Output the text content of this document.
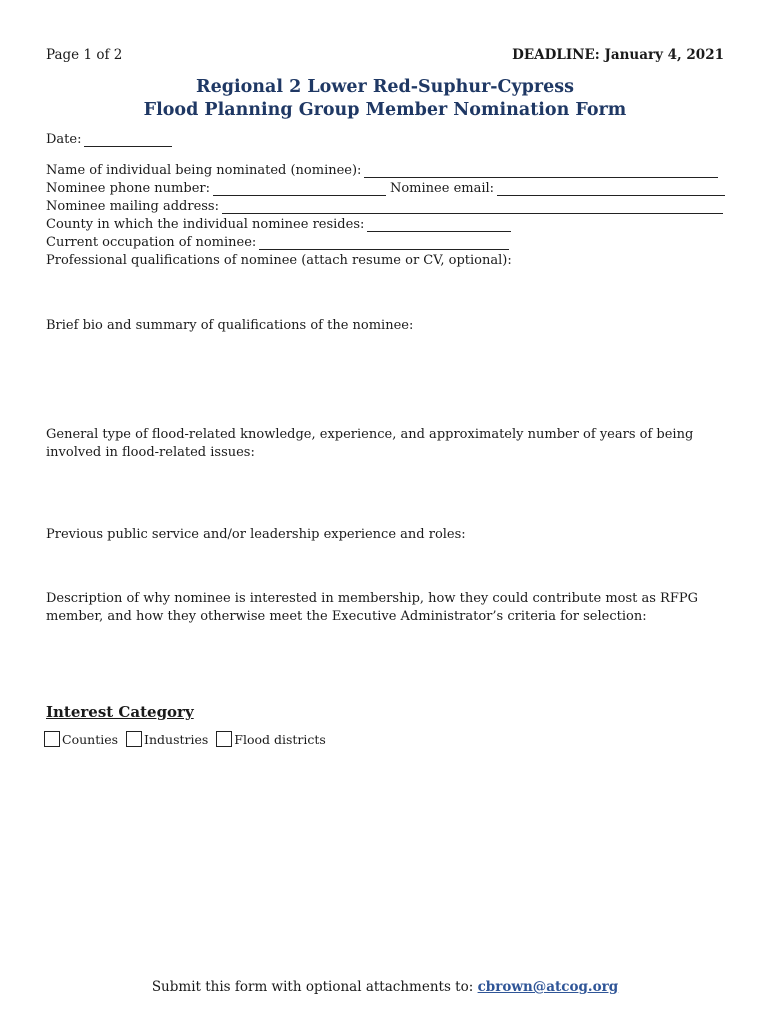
Page 1 of 2	DEADLINE: January 4, 2021
Regional 2 Lower Red-Suphur-Cypress
Flood Planning Group Member Nomination Form
Date:
Name of individual being nominated (nominee):
Nominee phone number:	Nominee email:
Nominee mailing address:
County in which the individual nominee resides:
Current occupation of nominee:
Professional qualifications of nominee (attach resume or CV, optional):
Brief bio and summary of qualifications of the nominee:
General type of flood-related knowledge, experience, and approximately number of years of being involved in flood-related issues:
Previous public service and/or leadership experience and roles:
Description of why nominee is interested in membership, how they could contribute most as RFPG member, and how they otherwise meet the Executive Administrator’s criteria for selection:
Interest Category
Counties Industries Flood districts
Submit this form with optional attachments to: cbrown@atcog.org
